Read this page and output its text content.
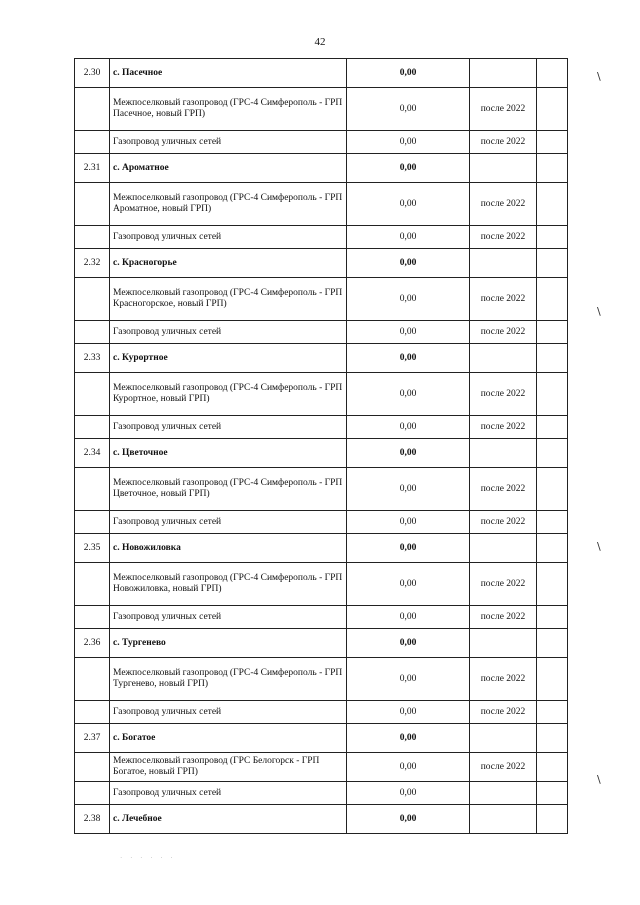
42
2.30	с. Пасечное	0,00		
	Межпоселковый газопровод (ГРС-4 Симферополь - ГРП Пасечное, новый ГРП)	0,00	после 2022	
	Газопровод уличных сетей	0,00	после 2022	
2.31	с. Ароматное	0,00		
	Межпоселковый газопровод (ГРС-4 Симферополь - ГРП Ароматное, новый ГРП)	0,00	после 2022	
	Газопровод уличных сетей	0,00	после 2022	
2.32	с. Красногорье	0,00		
	Межпоселковый газопровод (ГРС-4 Симферополь - ГРП Красногорское, новый ГРП)	0,00	после 2022	
	Газопровод уличных сетей	0,00	после 2022	
2.33	с. Курортное	0,00		
	Межпоселковый газопровод (ГРС-4 Симферополь - ГРП Курортное, новый ГРП)	0,00	после 2022	
	Газопровод уличных сетей	0,00	после 2022	
2.34	с. Цветочное	0,00		
	Межпоселковый газопровод (ГРС-4 Симферополь - ГРП Цветочное, новый ГРП)	0,00	после 2022	
	Газопровод уличных сетей	0,00	после 2022	
2.35	с. Новожиловка	0,00		
	Межпоселковый газопровод (ГРС-4 Симферополь - ГРП Новожиловка, новый ГРП)	0,00	после 2022	
	Газопровод уличных сетей	0,00	после 2022	
2.36	с. Тургенево	0,00		
	Межпоселковый газопровод (ГРС-4 Симферополь - ГРП Тургенево, новый ГРП)	0,00	после 2022	
	Газопровод уличных сетей	0,00	после 2022	
2.37	с. Богатое	0,00		
	Межпоселковый газопровод (ГРС Белогорск - ГРП Богатое, новый ГРП)	0,00	после 2022	
	Газопровод уличных сетей	0,00		
2.38	с. Лечебное	0,00		
\
\
\
\
· · · · · ·
